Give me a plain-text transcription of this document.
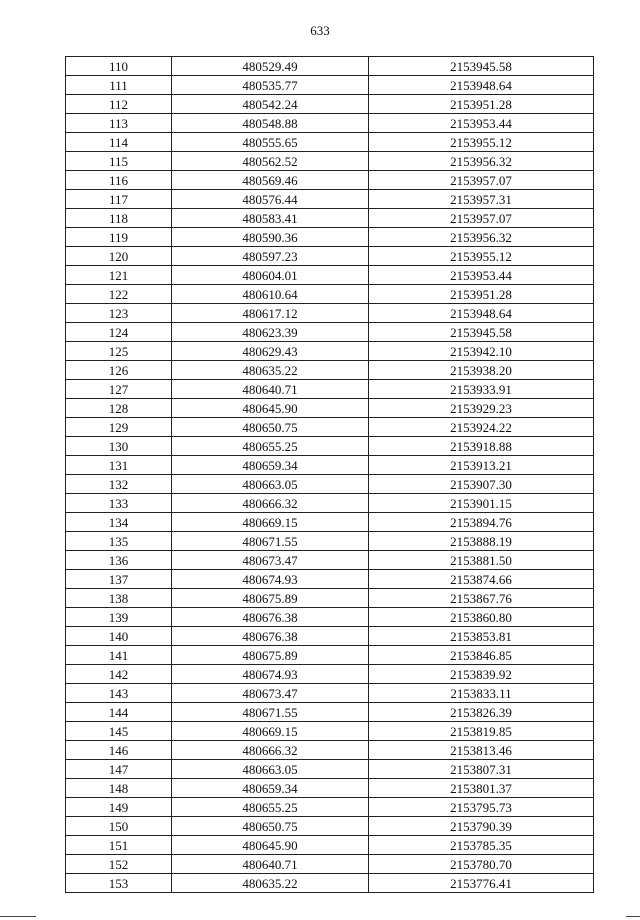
633
110	480529.49	2153945.58
111	480535.77	2153948.64
112	480542.24	2153951.28
113	480548.88	2153953.44
114	480555.65	2153955.12
115	480562.52	2153956.32
116	480569.46	2153957.07
117	480576.44	2153957.31
118	480583.41	2153957.07
119	480590.36	2153956.32
120	480597.23	2153955.12
121	480604.01	2153953.44
122	480610.64	2153951.28
123	480617.12	2153948.64
124	480623.39	2153945.58
125	480629.43	2153942.10
126	480635.22	2153938.20
127	480640.71	2153933.91
128	480645.90	2153929.23
129	480650.75	2153924.22
130	480655.25	2153918.88
131	480659.34	2153913.21
132	480663.05	2153907.30
133	480666.32	2153901.15
134	480669.15	2153894.76
135	480671.55	2153888.19
136	480673.47	2153881.50
137	480674.93	2153874.66
138	480675.89	2153867.76
139	480676.38	2153860.80
140	480676.38	2153853.81
141	480675.89	2153846.85
142	480674.93	2153839.92
143	480673.47	2153833.11
144	480671.55	2153826.39
145	480669.15	2153819.85
146	480666.32	2153813.46
147	480663.05	2153807.31
148	480659.34	2153801.37
149	480655.25	2153795.73
150	480650.75	2153790.39
151	480645.90	2153785.35
152	480640.71	2153780.70
153	480635.22	2153776.41
